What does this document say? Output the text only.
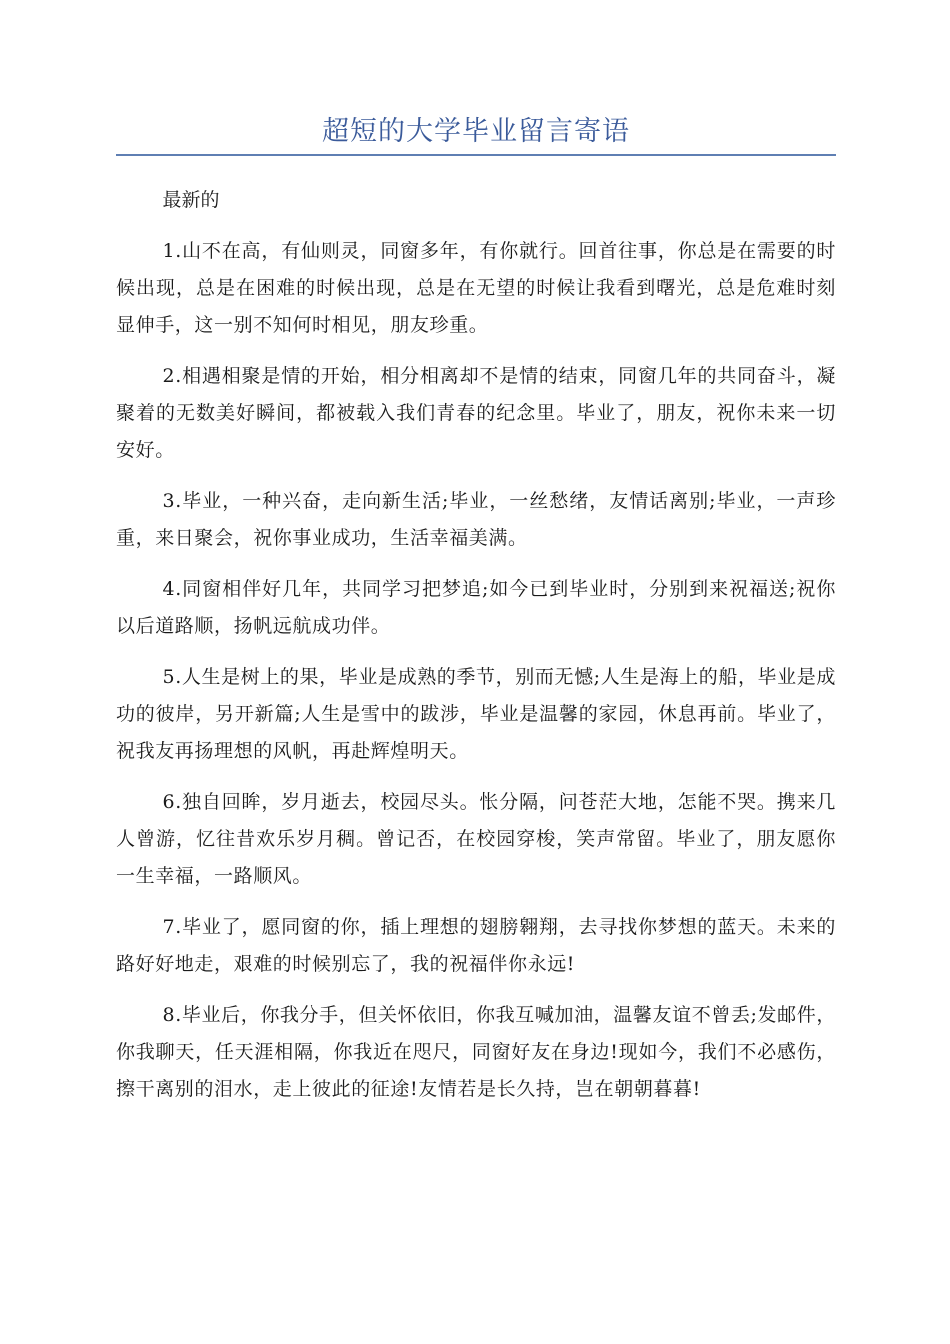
超短的大学毕业留言寄语

最新的

1.山不在高，有仙则灵，同窗多年，有你就行。回首往事，你总是在需要的时候出现，总是在困难的时候出现，总是在无望的时候让我看到曙光，总是危难时刻显伸手，这一别不知何时相见，朋友珍重。

2.相遇相聚是情的开始，相分相离却不是情的结束，同窗几年的共同奋斗，凝聚着的无数美好瞬间，都被载入我们青春的纪念里。毕业了，朋友，祝你未来一切安好。

3.毕业，一种兴奋，走向新生活;毕业，一丝愁绪，友情话离别;毕业，一声珍重，来日聚会，祝你事业成功，生活幸福美满。

4.同窗相伴好几年，共同学习把梦追;如今已到毕业时，分别到来祝福送;祝你以后道路顺，扬帆远航成功伴。

5.人生是树上的果，毕业是成熟的季节，别而无憾;人生是海上的船，毕业是成功的彼岸，另开新篇;人生是雪中的跋涉，毕业是温馨的家园，休息再前。毕业了，祝我友再扬理想的风帆，再赴辉煌明天。

6.独自回眸，岁月逝去，校园尽头。怅分隔，问苍茫大地，怎能不哭。携来几人曾游，忆往昔欢乐岁月稠。曾记否，在校园穿梭，笑声常留。毕业了，朋友愿你一生幸福，一路顺风。

7.毕业了，愿同窗的你，插上理想的翅膀翱翔，去寻找你梦想的蓝天。未来的路好好地走，艰难的时候别忘了，我的祝福伴你永远!

8.毕业后，你我分手，但关怀依旧，你我互喊加油，温馨友谊不曾丢;发邮件，你我聊天，任天涯相隔，你我近在咫尺，同窗好友在身边!现如今，我们不必感伤，擦干离别的泪水，走上彼此的征途!友情若是长久持，岂在朝朝暮暮!
